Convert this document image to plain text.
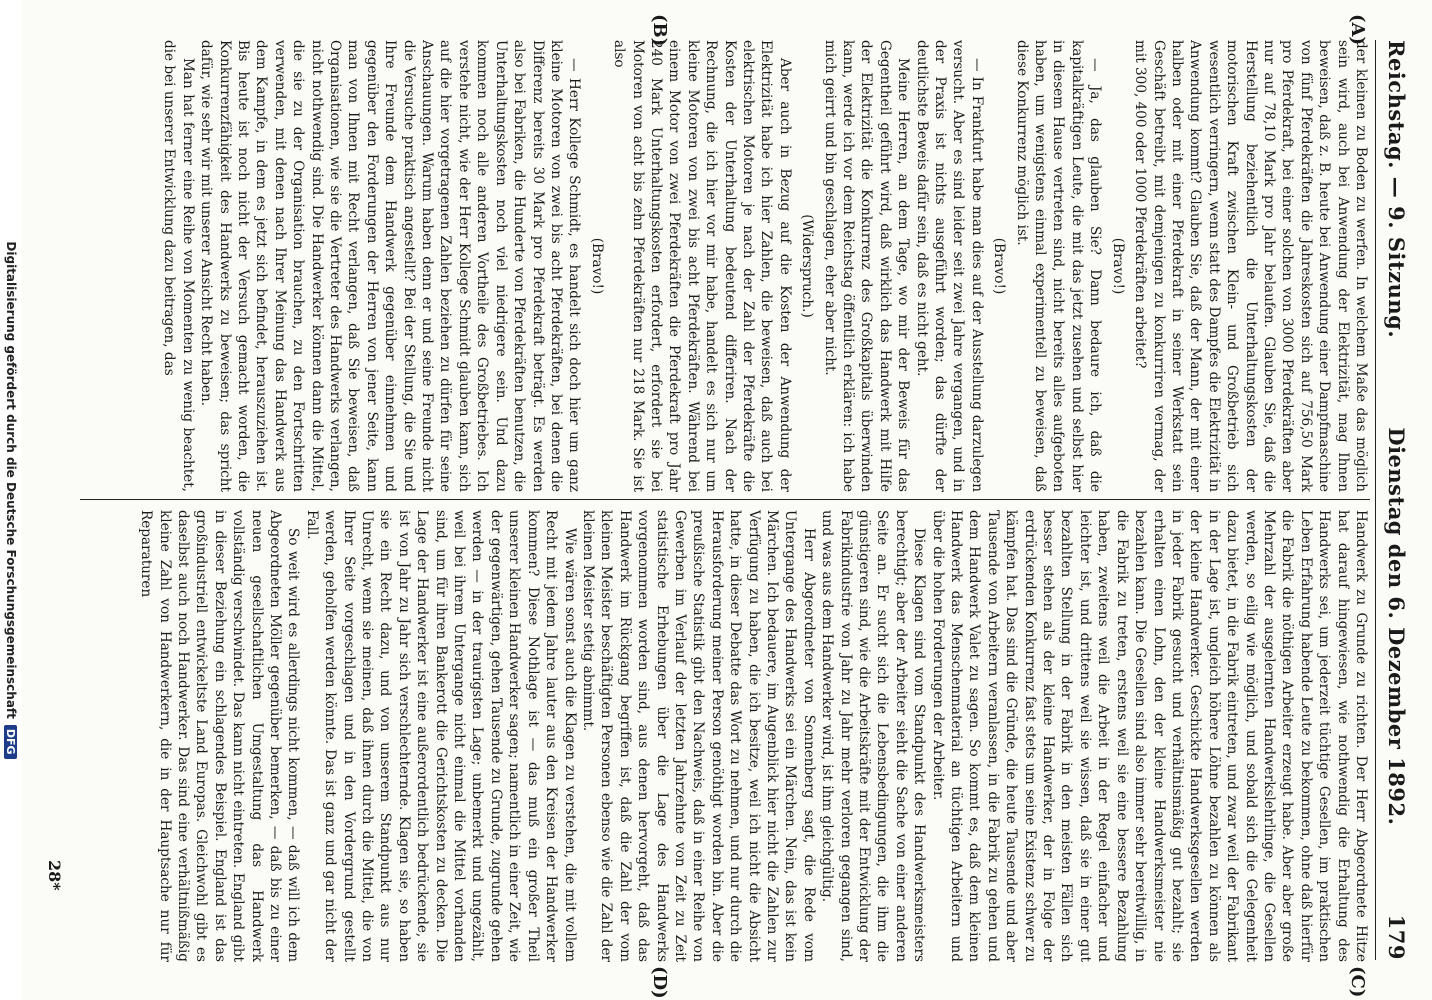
Reichstag. — 9. Sitzung.
Dienstag den 6. Dezember 1892.
179
(A)
(B)
(C)
(D)

der kleinen zu Boden zu werfen. In welchem Maße das möglich sein wird, auch bei Anwendung der Elektrizität, mag Ihnen beweisen, daß z. B. heute bei Anwendung einer Dampfmaschine von fünf Pferdekräften die Jahreskosten sich auf 756,50 Mark pro Pferdekraft, bei einer solchen von 3000 Pferdekräften aber nur auf 78,10 Mark pro Jahr belaufen. Glauben Sie, daß die Herstellung beziehentlich die Unterhaltungskosten der motorischen Kraft zwischen Klein- und Großbetrieb sich wesentlich verringern, wenn statt des Dampfes die Elektrizität in Anwendung kommt? Glauben Sie, daß der Mann, der mit einer halben oder mit einer Pferdekraft in seiner Werkstatt sein Geschäft betreibt, mit demjenigen zu konkurriren vermag, der mit 300, 400 oder 1000 Pferdekräften arbeitet?

(Bravo!)

— Ja, das glauben Sie? Dann bedaure ich, daß die kapitalkräftigen Leute, die mit das jetzt zusehen und selbst hier in diesem Hause vertreten sind, nicht bereits alles aufgeboten haben, um wenigstens einmal experimentell zu beweisen, daß diese Konkurrenz möglich ist.

(Bravo!)

— In Frankfurt habe man dies auf der Ausstellung darzulegen versucht. Aber es sind leider seit zwei Jahre vergangen, und in der Praxis ist nichts ausgeführt worden; das dürfte der deutlichste Beweis dafür sein, daß es nicht geht.

Meine Herren, an dem Tage, wo mir der Beweis für das Gegentheil geführt wird, daß wirklich das Handwerk mit Hilfe der Elektrizität die Konkurrenz des Großkapitals überwinden kann, werde ich vor dem Reichstag öffentlich erklären: ich habe mich geirrt und bin geschlagen, eher aber nicht.

(Widerspruch.)

Aber auch in Bezug auf die Kosten der Anwendung der Elektrizität habe ich hier Zahlen, die beweisen, daß auch bei elektrischen Motoren je nach der Zahl der Pferdekräfte die Kosten der Unterhaltung bedeutend differiren. Nach der Rechnung, die ich hier vor mir habe, handelt es sich nur um kleine Motoren von zwei bis acht Pferdekräften. Während bei einem Motor von zwei Pferdekräften die Pferdekraft pro Jahr 240 Mark Unterhaltungskosten erfordert, erfordert sie bei Motoren von acht bis zehn Pferdekräften nur 218 Mark. Sie ist also

(Bravo!)

— Herr Kollege Schmidt, es handelt sich doch hier um ganz kleine Motoren von zwei bis acht Pferdekräften, bei denen die Differenz bereits 30 Mark pro Pferdekraft beträgt. Es werden also bei Fabriken, die Hunderte von Pferdekräften benutzen, die Unterhaltungskosten noch viel niedrigere sein. Und dazu kommen noch alle anderen Vortheile des Großbetriebes. Ich verstehe nicht, wie der Herr Kollege Schmidt glauben kann, sich auf die hier vorgetragenen Zahlen beziehen zu dürfen für seine Anschauungen. Warum haben denn er und seine Freunde nicht die Versuche praktisch angestellt? Bei der Stellung, die Sie und Ihre Freunde dem Handwerk gegenüber einnehmen und gegenüber den Forderungen der Herren von jener Seite, kann man von Ihnen mit Recht verlangen, daß Sie beweisen, daß Organisationen, wie sie die Vertreter des Handwerks verlangen, nicht nothwendig sind. Die Handwerker können dann die Mittel, die sie zu der Organisation brauchen, zu den Fortschritten verwenden, mit denen nach Ihrer Meinung das Handwerk aus dem Kampfe, in dem es jetzt sich befindet, herauszuziehen ist. Bis heute ist noch nicht der Versuch gemacht worden, die Konkurrenzfähigkeit des Handwerks zu beweisen; das spricht dafür, wie sehr wir mit unserer Ansicht Recht haben.

Man hat ferner eine Reihe von Momenten zu wenig beachtet, die bei unserer Entwicklung dazu beitragen, das

Handwerk zu Grunde zu richten. Der Herr Abgeordnete Hitze hat darauf hingewiesen, wie nothwendig die Erhaltung des Handwerks sei, um jederzeit tüchtige Gesellen, im praktischen Leben Erfahrung habende Leute zu bekommen, ohne daß hierfür die Fabrik die nöthigen Arbeiter erzeugt habe. Aber aber große Mehrzahl der ausgelernten Handwerkslehrlinge, die Gesellen werden, so eilig wie möglich, und sobald sich die Gelegenheit dazu bietet, in die Fabrik eintreten, und zwar weil der Fabrikant in der Lage ist, ungleich höhere Löhne bezahlen zu können als der kleine Handwerker. Geschickte Handwerksgesellen werden in jeder Fabrik gesucht und verhältnismäßig gut bezahlt; sie erhalten einen Lohn, den der kleine Handwerksmeister nie bezahlen kann. Die Gesellen sind also immer sehr bereitwillig, in die Fabrik zu treten, erstens weil sie eine bessere Bezahlung haben, zweitens weil die Arbeit in der Regel einfacher und leichter ist, und drittens weil sie wissen, daß sie in einer gut bezahlten Stellung in der Fabrik in den meisten Fällen sich besser stehen als der kleine Handwerker, der in Folge der erdrückenden Konkurrenz fast stets um seine Existenz schwer zu kämpfen hat. Das sind die Gründe, die heute Tausende und aber Tausende von Arbeitern veranlassen, in die Fabrik zu gehen und dem Handwerk Valet zu sagen. So kommt es, daß dem kleinen Handwerk das Menschenmaterial an tüchtigen Arbeitern und über die hohen Forderungen der Arbeiter.

Diese Klagen sind vom Standpunkt des Handwerksmeisters berechtigt; aber der Arbeiter sieht die Sache von einer anderen Seite an. Er sucht sich die Lebensbedingungen, die ihm die günstigeren sind, wie die Arbeitskräfte mit der Entwicklung der Fabrikindustrie von Jahr zu Jahr mehr verloren gegangen sind, und was aus dem Handwerker wird, ist ihm gleichgültig.

Herr Abgeordneter von Sonnenberg sagt, die Rede vom Untergange des Handwerks sei ein Märchen. Nein, das ist kein Märchen. Ich bedauere, im Augenblick hier nicht die Zahlen zur Verfügung zu haben, die ich besitze, weil ich nicht die Absicht hatte, in dieser Debatte das Wort zu nehmen, und nur durch die Herausforderung meiner Person genöthigt worden bin. Aber die preußische Statistik gibt den Nachweis, daß in einer Reihe von Gewerben im Verlauf der letzten Jahrzehnte von Zeit zu Zeit statistische Erhebungen über die Lage des Handwerks vorgenommen worden sind, aus denen hervorgeht, daß das Handwerk im Rückgang begriffen ist, daß die Zahl der vom kleinen Meister beschäftigten Personen ebenso wie die Zahl der kleinen Meister stetig abnimmt.

Wie wären sonst auch die Klagen zu verstehen, die mit vollem Recht mit jedem Jahre lauter aus den Kreisen der Handwerker kommen? Diese Nothlage ist — das muß ein großer Theil unserer kleinen Handwerker sagen; namentlich in einer Zeit, wie der gegenwärtigen, gehen Tausende zu Grunde, zugrunde gehen werden — in der traurigsten Lage; unbemerkt und ungezählt, weil bei ihrem Untergange nicht einmal die Mittel vorhanden sind, um für ihren Bankerott die Gerichtskosten zu decken. Die Lage der Handwerker ist eine außerordentlich bedrückende, sie ist von Jahr zu Jahr sich verschlechternde. Klagen sie, so haben sie ein Recht dazu, und von unserem Standpunkt aus nur Unrecht, wenn sie meinen, daß ihnen durch die Mittel, die von Ihrer Seite vorgeschlagen und in den Vordergrund gestellt werden, geholfen werden könnte. Das ist ganz und gar nicht der Fall.

So weit wird es allerdings nicht kommen, — daß will ich dem Abgeordneten Möller gegenüber bemerken, — daß bis zu einer neuen gesellschaftlichen Umgestaltung das Handwerk vollständig verschwindet. Das kann nicht eintreten. England gibt in dieser Beziehung ein schlagendes Beispiel. England ist das großindustriell entwickeltste Land Europas. Gleichwohl gibt es daselbst auch noch Handwerker. Das sind eine verhältnißmäßig kleine Zahl von Handwerkern, die in der Hauptsache nur für Reparaturen

28*
Digitalisierung gefördert durch die Deutsche Forschungsgemeinschaft
DFG
